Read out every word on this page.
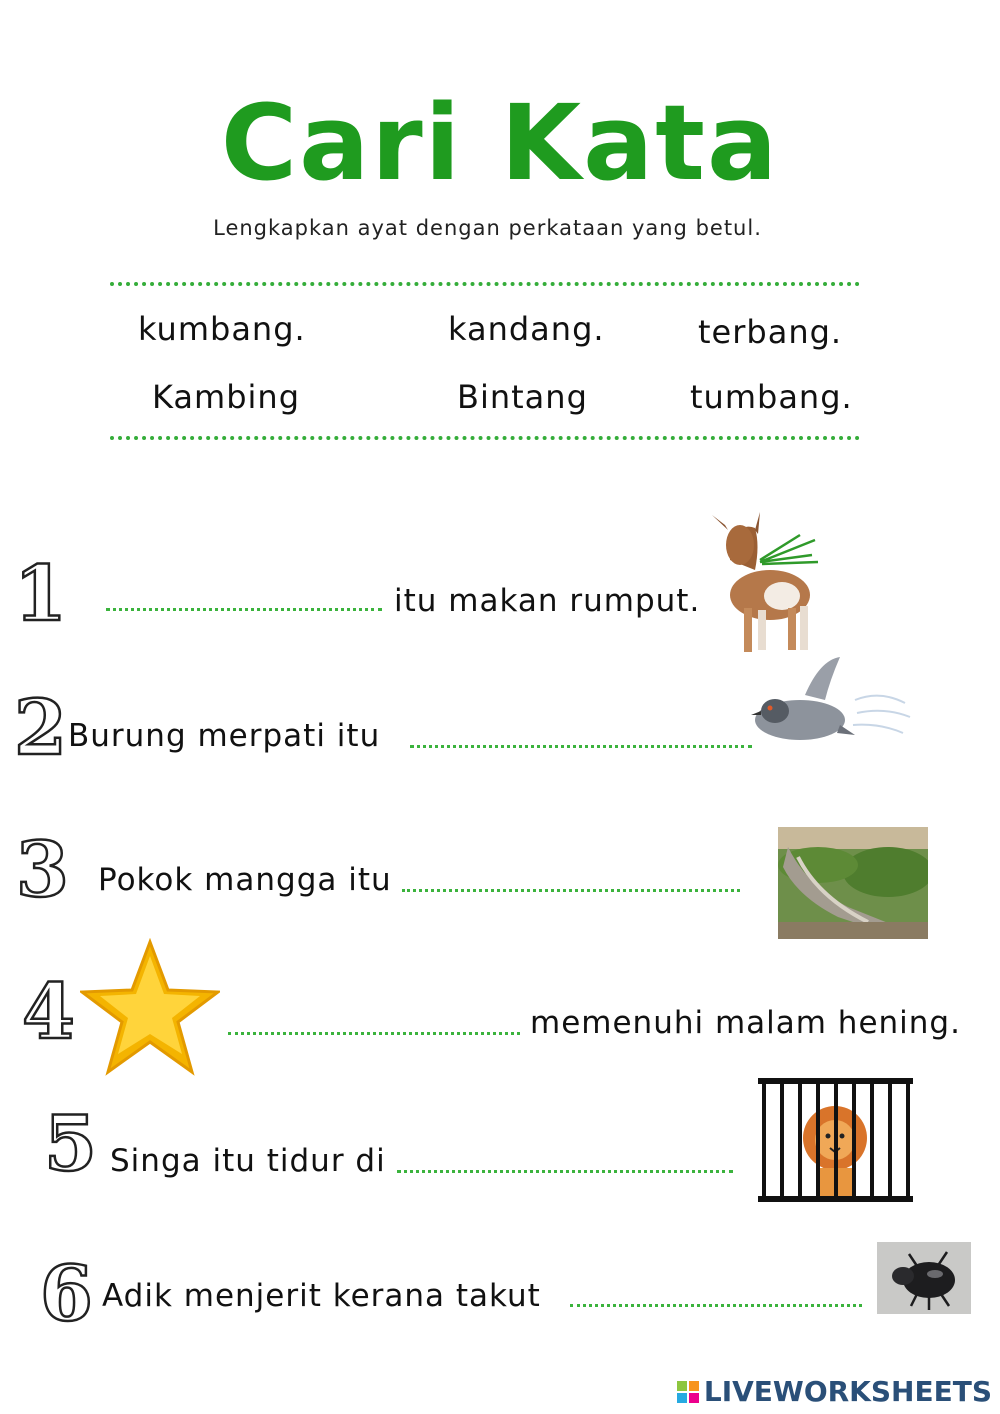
Cari Kata
Lengkapkan ayat dengan perkataan yang betul.
kumbang.	kandang.	terbang.
Kambing	Bintang	tumbang.
1	itu makan rumput.
2 Burung merpati itu
3 Pokok mangga itu
4	memenuhi malam hening.
5 Singa itu tidur di
6 Adik menjerit kerana takut
LIVEWORKSHEETS
